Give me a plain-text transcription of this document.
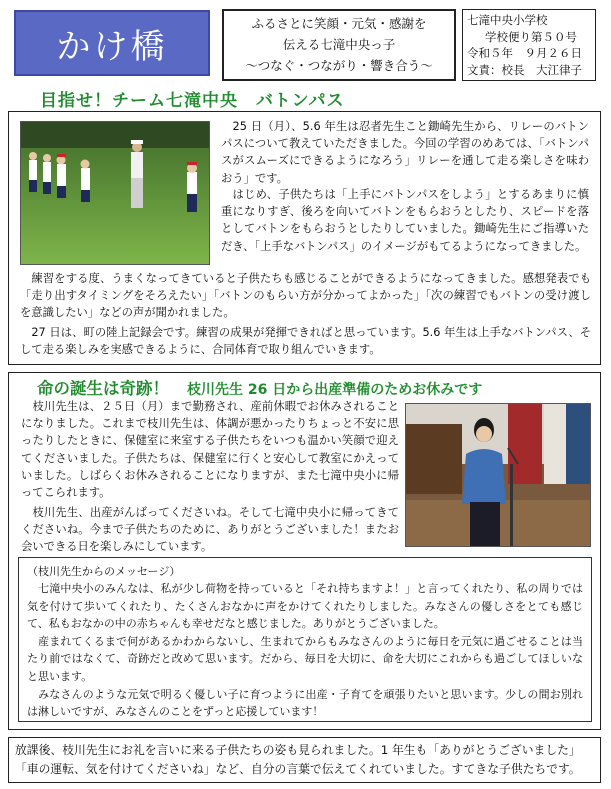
かけ橋
ふるさとに笑顔・元気・感謝を
伝える七滝中央っ子
～つなぐ・つながり・響き合う～
七滝中央小学校
学校便り第５０号
令和５年　９月２６日
文責：校長　大江律子
目指せ！チーム七滝中央　バトンパス

　25 日（月）、5.6 年生は忍者先生こと鋤崎先生から、リレーのバトンパスについて教えていただきました。今回の学習のめあては、「バトンパスがスムーズにできるようになろう」リレーを通して走る楽しさを味わおう」です。

　はじめ、子供たちは「上手にバトンパスをしよう」とするあまりに慎重になりすぎ、後ろを向いてバトンをもらおうとしたり、スピードを落としてバトンをもらおうとしたりしていました。鋤崎先生にご指導いただき、「上手なバトンパス」のイメージがもてるようになってきました。

　練習をする度、うまくなってきていると子供たちも感じることができるようになってきました。感想発表でも「走り出すタイミングをそろえたい」「バトンのもらい方が分かってよかった」「次の練習でもバトンの受け渡しを意識したい」などの声が聞かれました。

　27 日は、町の陸上記録会です。練習の成果が発揮できればと思っています。5.6 年生は上手なバトンパス、そして走る楽しみを実感できるように、合同体育で取り組んでいきます。

命の誕生は奇跡！ 枝川先生 26 日から出産準備のためお休みです

　枝川先生は、２５日（月）まで勤務され、産前休暇でお休みされることになりました。これまで枝川先生は、体調が悪かったりちょっと不安に思ったりしたときに、保健室に来室する子供たちをいつも温かい笑顔で迎えてくださいました。子供たちは、保健室に行くと安心して教室にかえっていました。しばらくお休みされることになりますが、また七滝中央小に帰ってこられます。

　枝川先生、出産がんばってくださいね。そして七滝中央小に帰ってきてくださいね。今まで子供たちのために、ありがとうございました！またお会いできる日を楽しみにしています。

（枝川先生からのメッセージ）

　七滝中央小のみんなは、私が少し荷物を持っていると「それ持ちますよ！」と言ってくれたり、私の周りでは気を付けて歩いてくれたり、たくさんおなかに声をかけてくれたりしました。みなさんの優しさをとても感じて、私もおなかの中の赤ちゃんも幸せだなと感じました。ありがとうございました。

　産まれてくるまで何があるかわからないし、生まれてからもみなさんのように毎日を元気に過ごせることは当たり前ではなくて、奇跡だと改めて思います。だから、毎日を大切に、命を大切にこれからも過ごしてほしいなと思います。

　みなさんのような元気で明るく優しい子に育つように出産・子育てを頑張りたいと思います。少しの間お別れは淋しいですが、みなさんのことをずっと応援しています！

放課後、枝川先生にお礼を言いに来る子供たちの姿も見られました。1 年生も「ありがとうございました」「車の運転、気を付けてくださいね」など、自分の言葉で伝えてくれていました。すてきな子供たちです。
